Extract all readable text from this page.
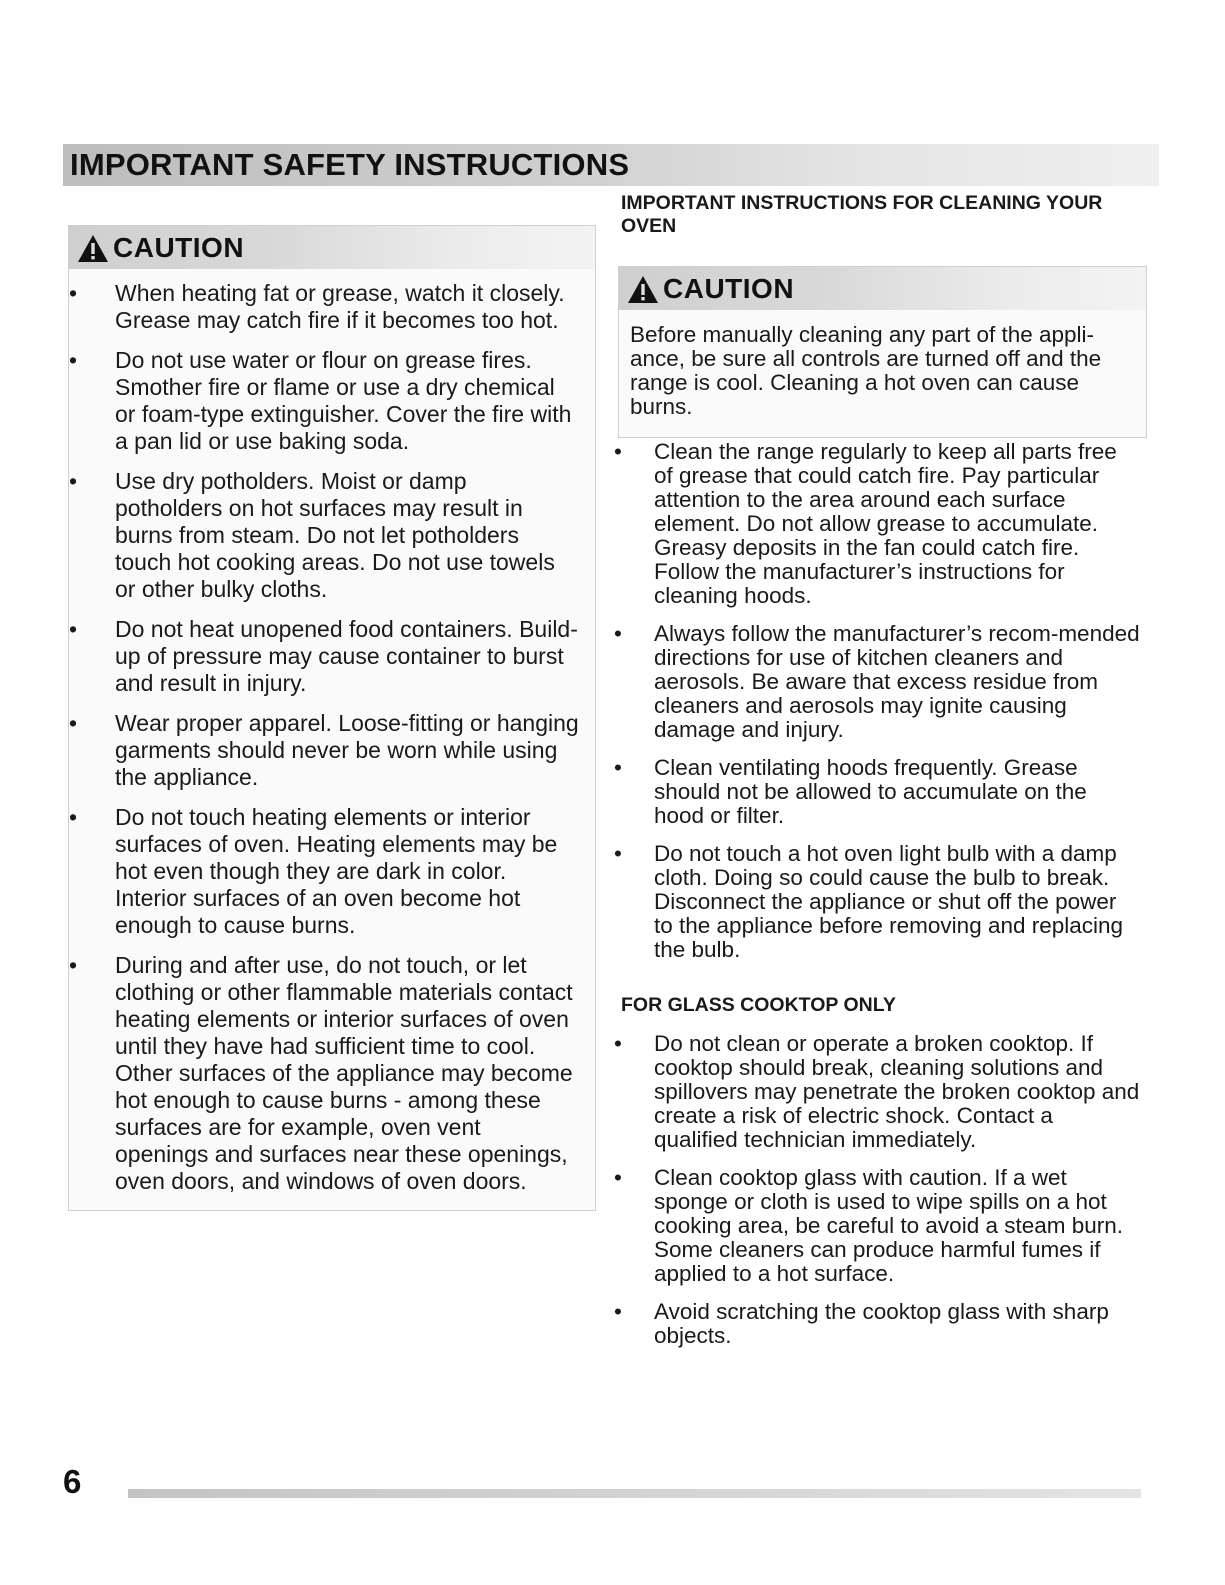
IMPORTANT SAFETY INSTRUCTIONS
CAUTION
• When heating fat or grease, watch it closely. Grease may catch fire if it becomes too hot.
• Do not use water or flour on grease fires. Smother fire or flame or use a dry chemical or foam-type extinguisher. Cover the fire with a pan lid or use baking soda.
• Use dry potholders. Moist or damp potholders on hot surfaces may result in burns from steam. Do not let potholders touch hot cooking areas. Do not use towels or other bulky cloths.
• Do not heat unopened food containers. Build-up of pressure may cause container to burst and result in injury.
• Wear proper apparel. Loose-fitting or hanging garments should never be worn while using the appliance.
• Do not touch heating elements or interior surfaces of oven. Heating elements may be hot even though they are dark in color. Interior surfaces of an oven become hot enough to cause burns.
• During and after use, do not touch, or let clothing or other flammable materials contact heating elements or interior surfaces of oven until they have had sufficient time to cool. Other surfaces of the appliance may become hot enough to cause burns - among these surfaces are for example, oven vent openings and surfaces near these openings, oven doors, and windows of oven doors.
IMPORTANT INSTRUCTIONS FOR CLEANING YOUR OVEN
CAUTION
Before manually cleaning any part of the appli-ance, be sure all controls are turned off and the range is cool. Cleaning a hot oven can cause burns.
• Clean the range regularly to keep all parts free of grease that could catch fire. Pay particular attention to the area around each surface element. Do not allow grease to accumulate. Greasy deposits in the fan could catch fire. Follow the manufacturer’s instructions for cleaning hoods.
• Always follow the manufacturer’s recom-mended directions for use of kitchen cleaners and aerosols. Be aware that excess residue from cleaners and aerosols may ignite causing damage and injury.
• Clean ventilating hoods frequently. Grease should not be allowed to accumulate on the hood or filter.
• Do not touch a hot oven light bulb with a damp cloth. Doing so could cause the bulb to break. Disconnect the appliance or shut off the power to the appliance before removing and replacing the bulb.
FOR GLASS COOKTOP ONLY
• Do not clean or operate a broken cooktop. If cooktop should break, cleaning solutions and spillovers may penetrate the broken cooktop and create a risk of electric shock. Contact a qualified technician immediately.
• Clean cooktop glass with caution. If a wet sponge or cloth is used to wipe spills on a hot cooking area, be careful to avoid a steam burn. Some cleaners can produce harmful fumes if applied to a hot surface.
• Avoid scratching the cooktop glass with sharp objects.
6
